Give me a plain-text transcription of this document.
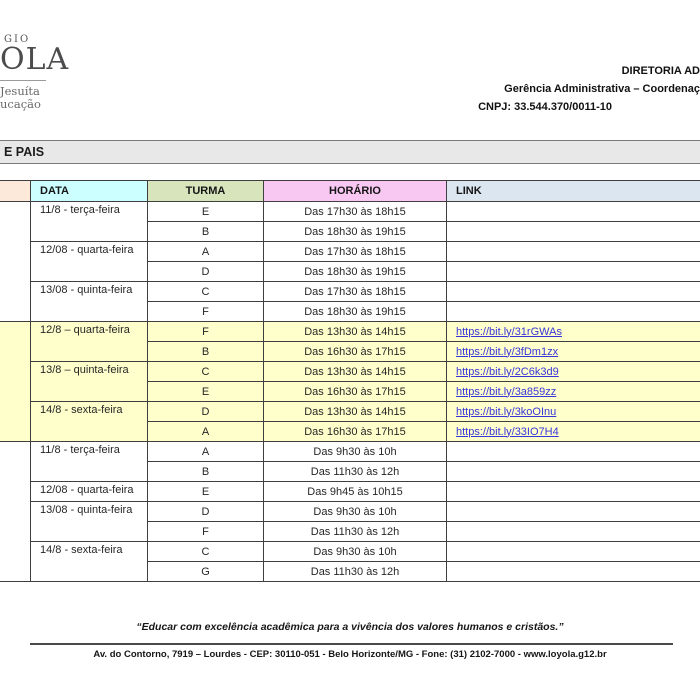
GIO
OLA
Jesuíta
ucação
DIRETORIA AD
Gerência Administrativa – Coordenaç
CNPJ: 33.544.370/0011-10
E PAIS
	DATA	TURMA	HORÁRIO	LINK
	11/8 - terça-feira	E	Das 17h30 às 18h15	
		B	Das 18h30 às 19h15	
	12/08 - quarta-feira	A	Das 17h30 às 18h15	
		D	Das 18h30 às 19h15	
	13/08 - quinta-feira	C	Das 17h30 às 18h15	
		F	Das 18h30 às 19h15	
	12/8 – quarta-feira	F	Das 13h30 às 14h15	https://bit.ly/31rGWAs
		B	Das 16h30 às 17h15	https://bit.ly/3fDm1zx
	13/8 – quinta-feira	C	Das 13h30 às 14h15	https://bit.ly/2C6k3d9
		E	Das 16h30 às 17h15	https://bit.ly/3a859zz
	14/8 - sexta-feira	D	Das 13h30 às 14h15	https://bit.ly/3koOInu
		A	Das 16h30 às 17h15	https://bit.ly/33IO7H4
	11/8 - terça-feira	A	Das 9h30 às 10h	
		B	Das 11h30 às 12h	
	12/08 - quarta-feira	E	Das 9h45 às 10h15	
	13/08 - quinta-feira	D	Das 9h30 às 10h	
		F	Das 11h30 às 12h	
	14/8 - sexta-feira	C	Das 9h30 às 10h	
		G	Das 11h30 às 12h	
“Educar com excelência acadêmica para a vivência dos valores humanos e cristãos.”
Av. do Contorno, 7919 – Lourdes - CEP: 30110-051 - Belo Horizonte/MG - Fone: (31) 2102-7000 - www.loyola.g12.br
